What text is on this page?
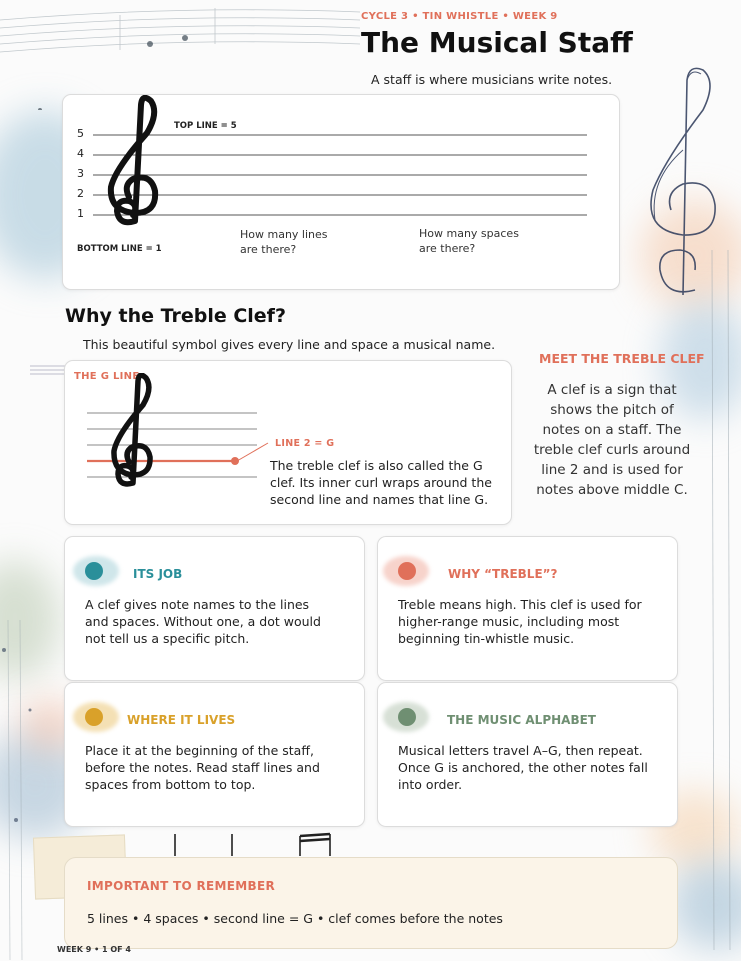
CYCLE 3 • TIN WHISTLE • WEEK 9
The Musical Staff
A staff is where musicians write notes.
TOP LINE = 5
5
4
3
2
1
BOTTOM LINE = 1
How many lines
are there?
How many spaces
are there?
Why the Treble Clef?
This beautiful symbol gives every line and space a musical name.
THE G LINE
LINE 2 = G
The treble clef is also called the G
clef. Its inner curl wraps around the
second line and names that line G.
MEET THE TREBLE CLEF
A clef is a sign that
shows the pitch of
notes on a staff. The
treble clef curls around
line 2 and is used for
notes above middle C.
ITS JOB
A clef gives note names to the lines
and spaces. Without one, a dot would
not tell us a specific pitch.
WHY “TREBLE”?
Treble means high. This clef is used for
higher-range music, including most
beginning tin-whistle music.
WHERE IT LIVES
Place it at the beginning of the staff,
before the notes. Read staff lines and
spaces from bottom to top.
THE MUSIC ALPHABET
Musical letters travel A–G, then repeat.
Once G is anchored, the other notes fall
into order.
IMPORTANT TO REMEMBER
5 lines • 4 spaces • second line = G • clef comes before the notes
WEEK 9 • 1 OF 4
